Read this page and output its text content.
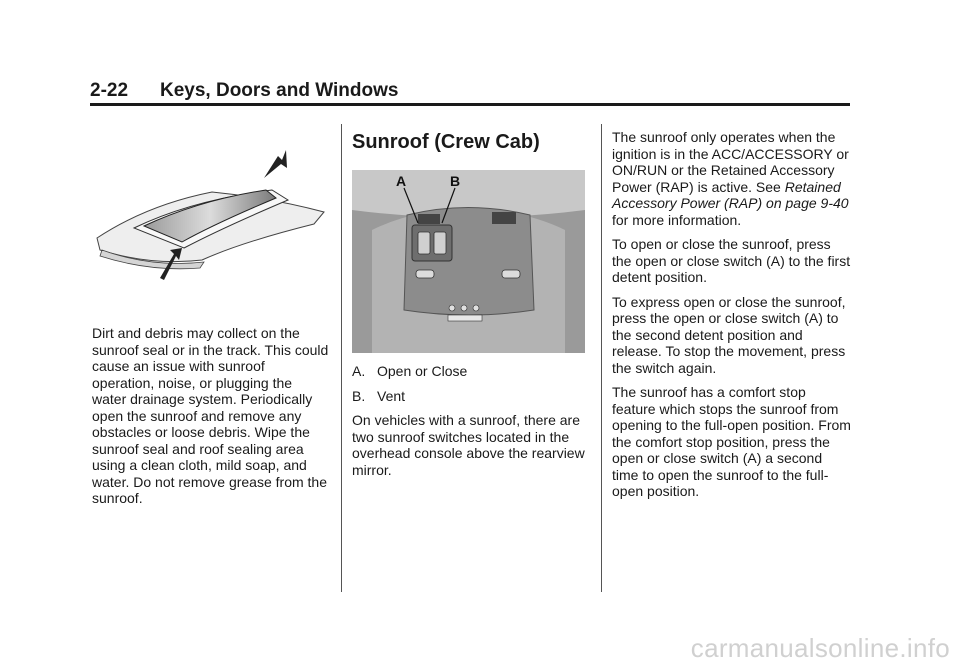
2-22 Keys, Doors and Windows

Dirt and debris may collect on the sunroof seal or in the track. This could cause an issue with sunroof operation, noise, or plugging the water drainage system. Periodically open the sunroof and remove any obstacles or loose debris. Wipe the sunroof seal and roof sealing area using a clean cloth, mild soap, and water. Do not remove grease from the sunroof.

Sunroof (Crew Cab)
A	B
A. Open or Close
B. Vent

On vehicles with a sunroof, there are two sunroof switches located in the overhead console above the rearview mirror.

The sunroof only operates when the ignition is in the ACC/ACCESSORY or ON/RUN or the Retained Accessory Power (RAP) is active. See Retained Accessory Power (RAP) on page 9-40 for more information.

To open or close the sunroof, press the open or close switch (A) to the first detent position.

To express open or close the sunroof, press the open or close switch (A) to the second detent position and release. To stop the movement, press the switch again.

The sunroof has a comfort stop feature which stops the sunroof from opening to the full-open position. From the comfort stop position, press the open or close switch (A) a second time to open the sunroof to the full-open position.

carmanualsonline.info
